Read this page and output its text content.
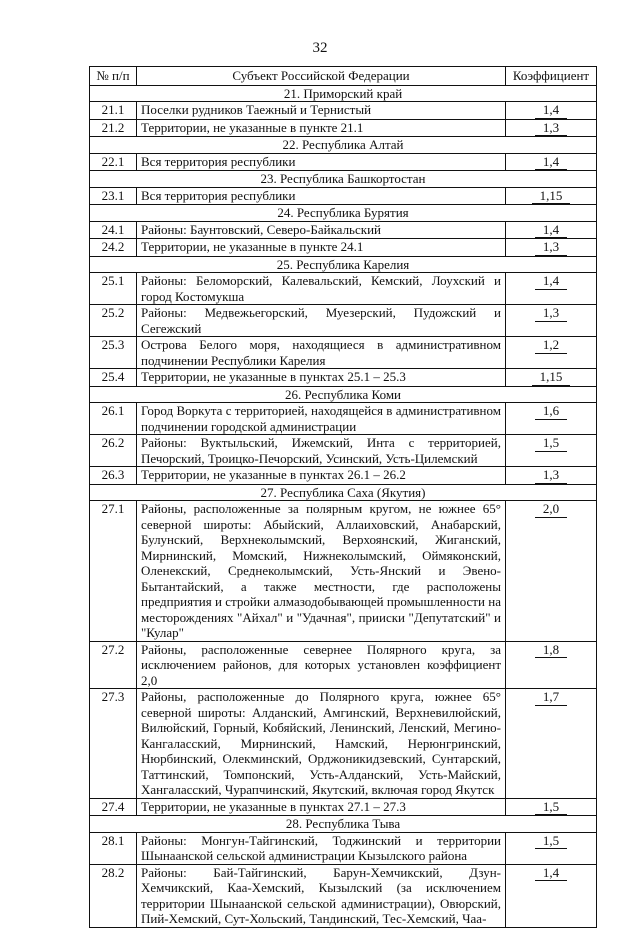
32
№ п/п	Субъект Российской Федерации	Коэффициент
21. Приморский край		
21.1	Поселки рудников Таежный и Тернистый	1,4
21.2	Территории, не указанные в пункте 21.1	1,3
22. Республика Алтай		
22.1	Вся территория республики	1,4
23. Республика Башкортостан		
23.1	Вся территория республики	1,15
24. Республика Бурятия		
24.1	Районы: Баунтовский, Северо-Байкальский	1,4
24.2	Территории, не указанные в пункте 24.1	1,3
25. Республика Карелия		
25.1	Районы: Беломорский, Калевальский, Кемский, Лоухский и город Костомукша	1,4
25.2	Районы: Медвежьегорский, Муезерский, Пудожский и Сегежский	1,3
25.3	Острова Белого моря, находящиеся в административном подчинении Республики Карелия	1,2
25.4	Территории, не указанные в пунктах 25.1 – 25.3	1,15
26. Республика Коми		
26.1	Город Воркута с территорией, находящейся в административном подчинении городской администрации	1,6
26.2	Районы: Вуктыльский, Ижемский, Инта с территорией, Печорский, Троицко-Печорский, Усинский, Усть-Цилемский	1,5
26.3	Территории, не указанные в пунктах 26.1 – 26.2	1,3
27. Республика Саха (Якутия)		
27.1	Районы, расположенные за полярным кругом, не южнее 65° северной широты: Абыйский, Аллаиховский, Анабарский, Булунский, Верхнеколымский, Верхоянский, Жиганский, Мирнинский, Момский, Нижнеколымский, Оймяконский, Оленекский, Среднеколымский, Усть-Янский и Эвено-Бытантайский, а также местности, где расположены предприятия и стройки алмазодобывающей промышленности на месторождениях "Айхал" и "Удачная", прииски "Депутатский" и "Кулар"	2,0
27.2	Районы, расположенные севернее Полярного круга, за исключением районов, для которых установлен коэффициент 2,0	1,8
27.3	Районы, расположенные до Полярного круга, южнее 65° северной широты: Алданский, Амгинский, Верхневилюйский, Вилюйский, Горный, Кобяйский, Ленинский, Ленский, Мегино-Кангаласский, Мирнинский, Намский, Нерюнгринский, Нюрбинский, Олекминский, Орджоникидзевский, Сунтарский, Таттинский, Томпонский, Усть-Алданский, Усть-Майский, Хангаласский, Чурапчинский, Якутский, включая город Якутск	1,7
27.4	Территории, не указанные в пунктах 27.1 – 27.3	1,5
28. Республика Тыва		
28.1	Районы: Монгун-Тайгинский, Тоджинский и территории Шынаанской сельской администрации Кызылского района	1,5
28.2	Районы: Бай-Тайгинский, Барун-Хемчикский, Дзун-Хемчикский, Каа-Хемский, Кызылский (за исключением территории Шынаанской сельской администрации), Овюрский, Пий-Хемский, Сут-Хольский, Тандинский, Тес-Хемский, Чаа-	1,4
